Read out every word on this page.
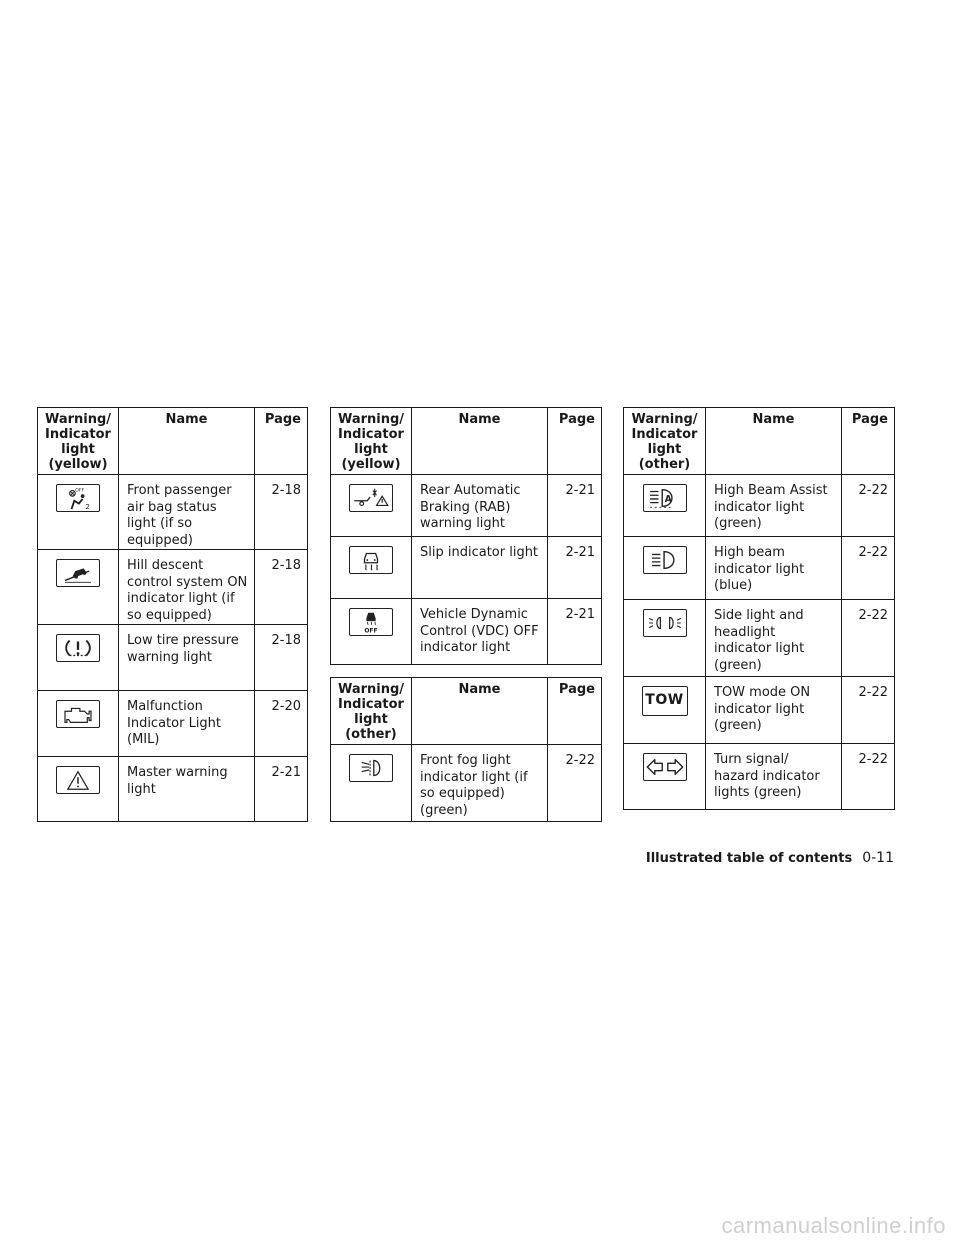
Warning/ Indicator light (yellow)	Name	Page

OFF
2	Front passenger air bag status light (if so equipped)	2-18

	Hill descent control system ON indicator light (if so equipped)	2-18

	Low tire pressure warning light	2-18

	Malfunction Indicator Light (MIL)	2-20

	Master warning light	2-21
Warning/ Indicator light (yellow)	Name	Page

	Rear Automatic Braking (RAB) warning light	2-21

	Slip indicator light	2-21

OFF	Vehicle Dynamic Control (VDC) OFF indicator light	2-21
Warning/ Indicator light (other)	Name	Page

	Front fog light indicator light (if so equipped) (green)	2-22
Warning/ Indicator light (other)	Name	Page

A	High Beam Assist indicator light (green)	2-22

	High beam indicator light (blue)	2-22

	Side light and headlight indicator light (green)	2-22
TOW	TOW mode ON indicator light (green)	2-22

	Turn signal/ hazard indicator lights (green)	2-22
Illustrated table of contents 0-11
carmanualsonline.info
